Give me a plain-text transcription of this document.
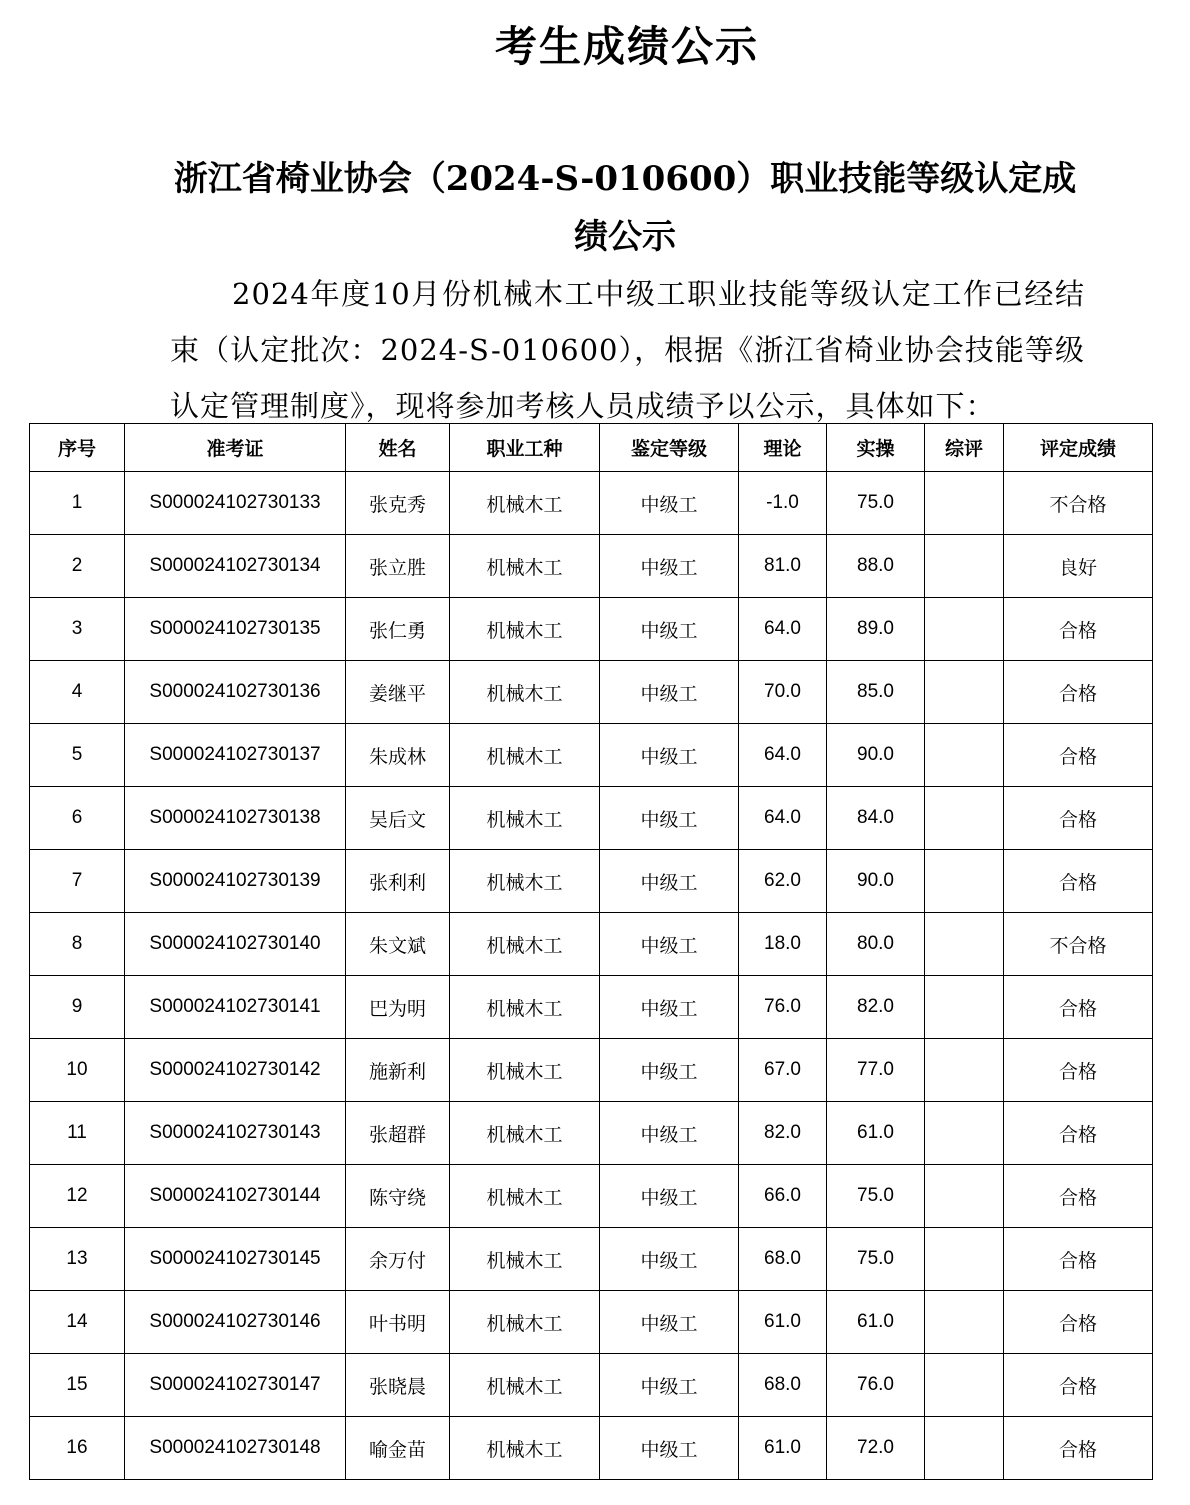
考生成绩公示
浙江省椅业协会（2024-S-010600）职业技能等级认定成绩公示

2024年度10月份机械木工中级工职业技能等级认定工作已经结束（认定批次：2024-S-010600），根据《浙江省椅业协会技能等级认定管理制度》，现将参加考核人员成绩予以公示，具体如下：

序号	准考证	姓名	职业工种	鉴定等级	理论	实操	综评	评定成绩
1	S000024102730133	张克秀	机械木工	中级工	-1.0	75.0		不合格
2	S000024102730134	张立胜	机械木工	中级工	81.0	88.0		良好
3	S000024102730135	张仁勇	机械木工	中级工	64.0	89.0		合格
4	S000024102730136	姜继平	机械木工	中级工	70.0	85.0		合格
5	S000024102730137	朱成林	机械木工	中级工	64.0	90.0		合格
6	S000024102730138	吴后文	机械木工	中级工	64.0	84.0		合格
7	S000024102730139	张利利	机械木工	中级工	62.0	90.0		合格
8	S000024102730140	朱文斌	机械木工	中级工	18.0	80.0		不合格
9	S000024102730141	巴为明	机械木工	中级工	76.0	82.0		合格
10	S000024102730142	施新利	机械木工	中级工	67.0	77.0		合格
11	S000024102730143	张超群	机械木工	中级工	82.0	61.0		合格
12	S000024102730144	陈守绕	机械木工	中级工	66.0	75.0		合格
13	S000024102730145	余万付	机械木工	中级工	68.0	75.0		合格
14	S000024102730146	叶书明	机械木工	中级工	61.0	61.0		合格
15	S000024102730147	张晓晨	机械木工	中级工	68.0	76.0		合格
16	S000024102730148	喻金苗	机械木工	中级工	61.0	72.0		合格
